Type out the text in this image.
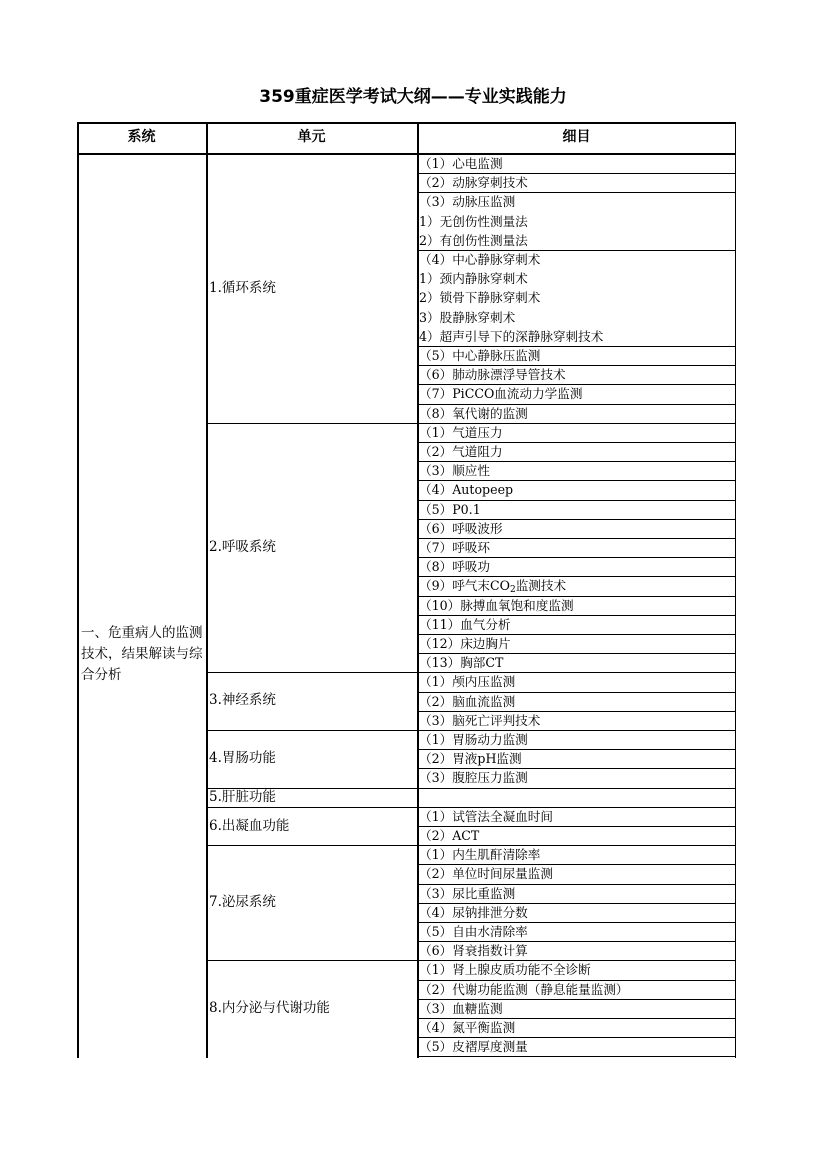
359重症医学考试大纲——专业实践能力
系统	单元	细目
一、危重病人的监测技术，结果解读与综合分析
（1）心电监测
（2）动脉穿刺技术
（3）动脉压监测
1）无创伤性测量法
2）有创伤性测量法
（4）中心静脉穿刺术
1）颈内静脉穿刺术
2）锁骨下静脉穿刺术
3）股静脉穿刺术
4）超声引导下的深静脉穿刺技术
（5）中心静脉压监测
（6）肺动脉漂浮导管技术
（7）PiCCO血流动力学监测
（8）氧代谢的监测
1.循环系统
（1）气道压力
（2）气道阻力
（3）顺应性
（4）Autopeep
（5）P0.1
（6）呼吸波形
（7）呼吸环
（8）呼吸功
（9）呼气末$CO_2$监测技术
（10）脉搏血氧饱和度监测
（11）血气分析
（12）床边胸片
（13）胸部CT
2.呼吸系统
（1）颅内压监测
（2）脑血流监测
（3）脑死亡评判技术
3.神经系统
（1）胃肠动力监测
（2）胃液pH监测
（3）腹腔压力监测
4.胃肠功能
5.肝脏功能
（1）试管法全凝血时间
（2）ACT
6.出凝血功能
（1）内生肌酐清除率
（2）单位时间尿量监测
（3）尿比重监测
（4）尿钠排泄分数
（5）自由水清除率
（6）肾衰指数计算
7.泌尿系统
（1）肾上腺皮质功能不全诊断
（2）代谢功能监测（静息能量监测）
（3）血糖监测
（4）氮平衡监测
（5）皮褶厚度测量
8.内分泌与代谢功能
